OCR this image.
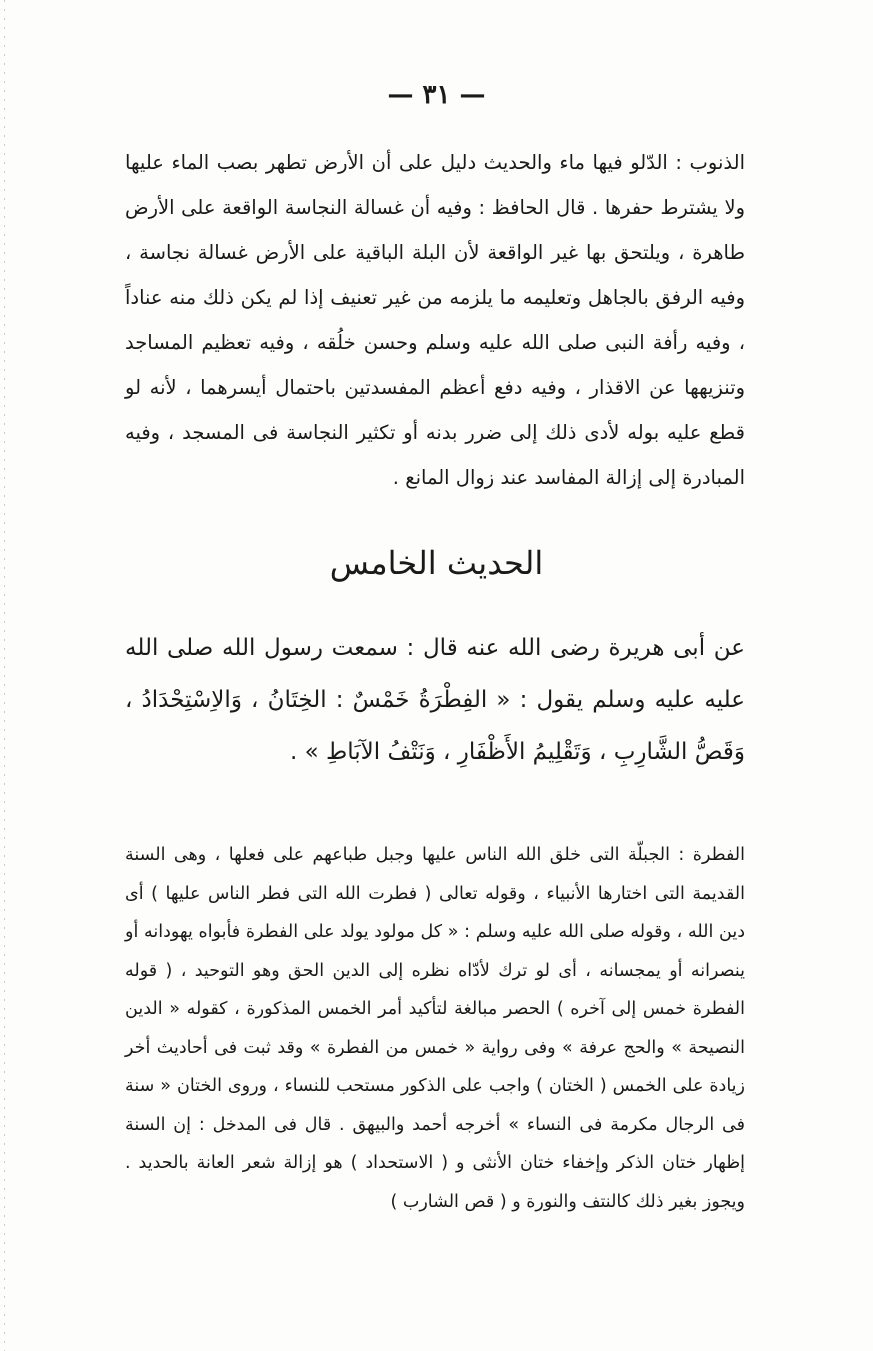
— ٣١ —
الذنوب : الدّلو فيها ماء والحديث دليل على أن الأرض تطهر بصب الماء عليها ولا يشترط حفرها . قال الحافظ : وفيه أن غسالة النجاسة الواقعة على الأرض طاهرة ، ويلتحق بها غير الواقعة لأن البلة الباقية على الأرض غسالة نجاسة ، وفيه الرفق بالجاهل وتعليمه ما يلزمه من غير تعنيف إذا لم يكن ذلك منه عناداً ، وفيه رأفة النبى صلى الله عليه وسلم وحسن خلُقه ، وفيه تعظيم المساجد وتنزيهها عن الاقذار ، وفيه دفع أعظم المفسدتين باحتمال أيسرهما ، لأنه لو قطع عليه بوله لأدى ذلك إلى ضرر بدنه أو تكثير النجاسة فى المسجد ، وفيه المبادرة إلى إزالة المفاسد عند زوال المانع .
الحديث الخامس
عن أبى هريرة رضى الله عنه قال : سمعت رسول الله صلى الله عليه عليه وسلم يقول : « الفِطْرَةُ خَمْسٌ : الخِتَانُ ، وَالاِسْتِحْدَادُ ، وَقَصُّ الشَّارِبِ ، وَتَقْلِيمُ الأَظْفَارِ ، وَنَتْفُ الآبَاطِ » .
الفطرة : الجبلّة التى خلق الله الناس عليها وجبل طباعهم على فعلها ، وهى السنة القديمة التى اختارها الأنبياء ، وقوله تعالى ( فطرت الله التى فطر الناس عليها ) أى دين الله ، وقوله صلى الله عليه وسلم : « كل مولود يولد على الفطرة فأبواه يهودانه أو ينصرانه أو يمجسانه ، أى لو ترك لأدّاه نظره إلى الدين الحق وهو التوحيد ، ( قوله الفطرة خمس إلى آخره ) الحصر مبالغة لتأكيد أمر الخمس المذكورة ، كقوله « الدين النصيحة » والحج عرفة » وفى رواية « خمس من الفطرة » وقد ثبت فى أحاديث أخر زيادة على الخمس ( الختان ) واجب على الذكور مستحب للنساء ، وروى الختان « سنة فى الرجال مكرمة فى النساء » أخرجه أحمد والبيهق . قال فى المدخل : إن السنة إظهار ختان الذكر وإخفاء ختان الأنثى و ( الاستحداد ) هو إزالة شعر العانة بالحديد . ويجوز بغير ذلك كالنتف والنورة و ( قص الشارب )
